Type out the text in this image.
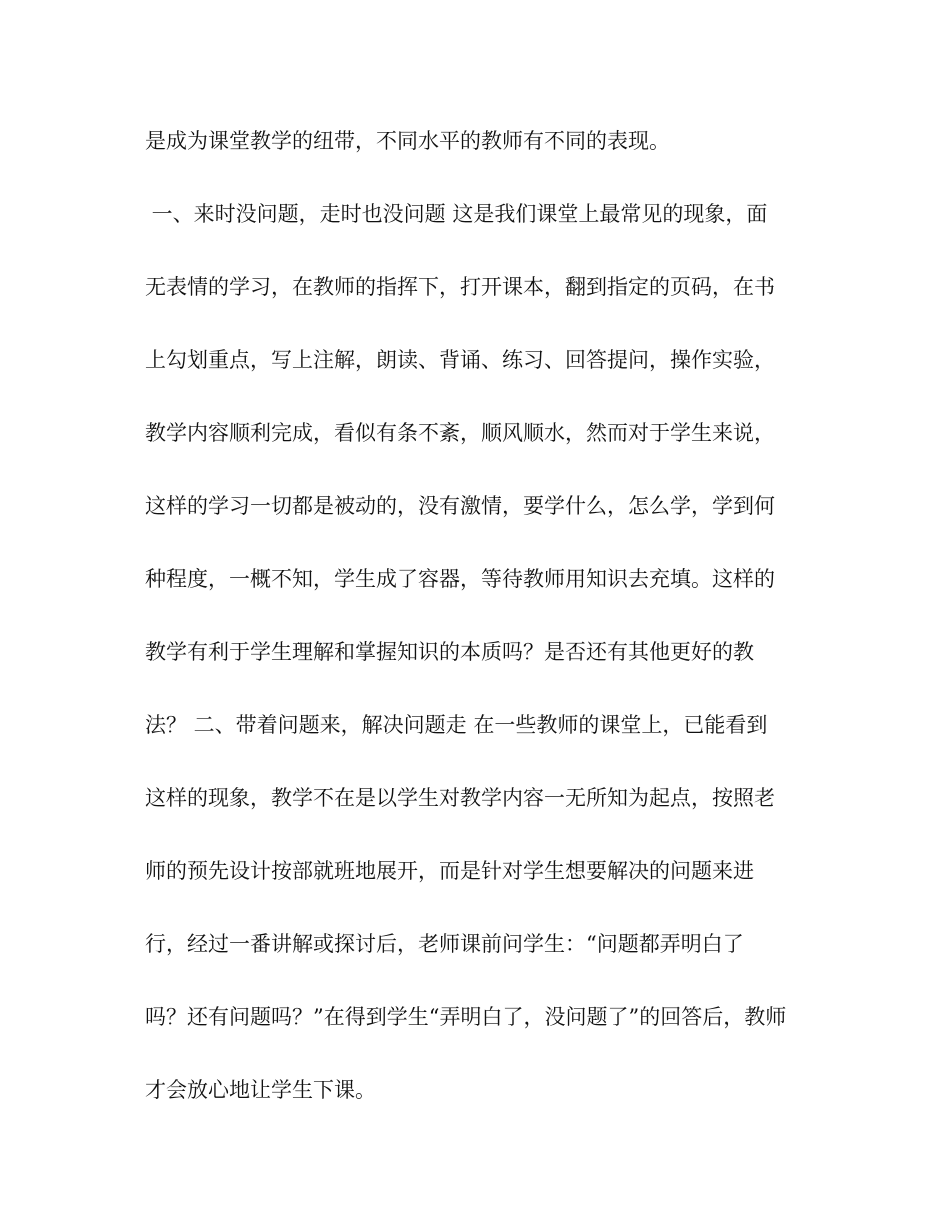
是成为课堂教学的纽带，不同水平的教师有不同的表现。
一、来时没问题，走时也没问题 这是我们课堂上最常见的现象，面
无表情的学习，在教师的指挥下，打开课本，翻到指定的页码，在书
上勾划重点，写上注解，朗读、背诵、练习、回答提问，操作实验，
教学内容顺利完成，看似有条不紊，顺风顺水，然而对于学生来说，
这样的学习一切都是被动的，没有激情，要学什么，怎么学，学到何
种程度，一概不知，学生成了容器，等待教师用知识去充填。这样的
教学有利于学生理解和掌握知识的本质吗？是否还有其他更好的教
法？ 二、带着问题来，解决问题走 在一些教师的课堂上，已能看到
这样的现象，教学不在是以学生对教学内容一无所知为起点，按照老
师的预先设计按部就班地展开，而是针对学生想要解决的问题来进
行，经过一番讲解或探讨后，老师课前问学生：“问题都弄明白了
吗？还有问题吗？”在得到学生“弄明白了，没问题了”的回答后，教师
才会放心地让学生下课。
